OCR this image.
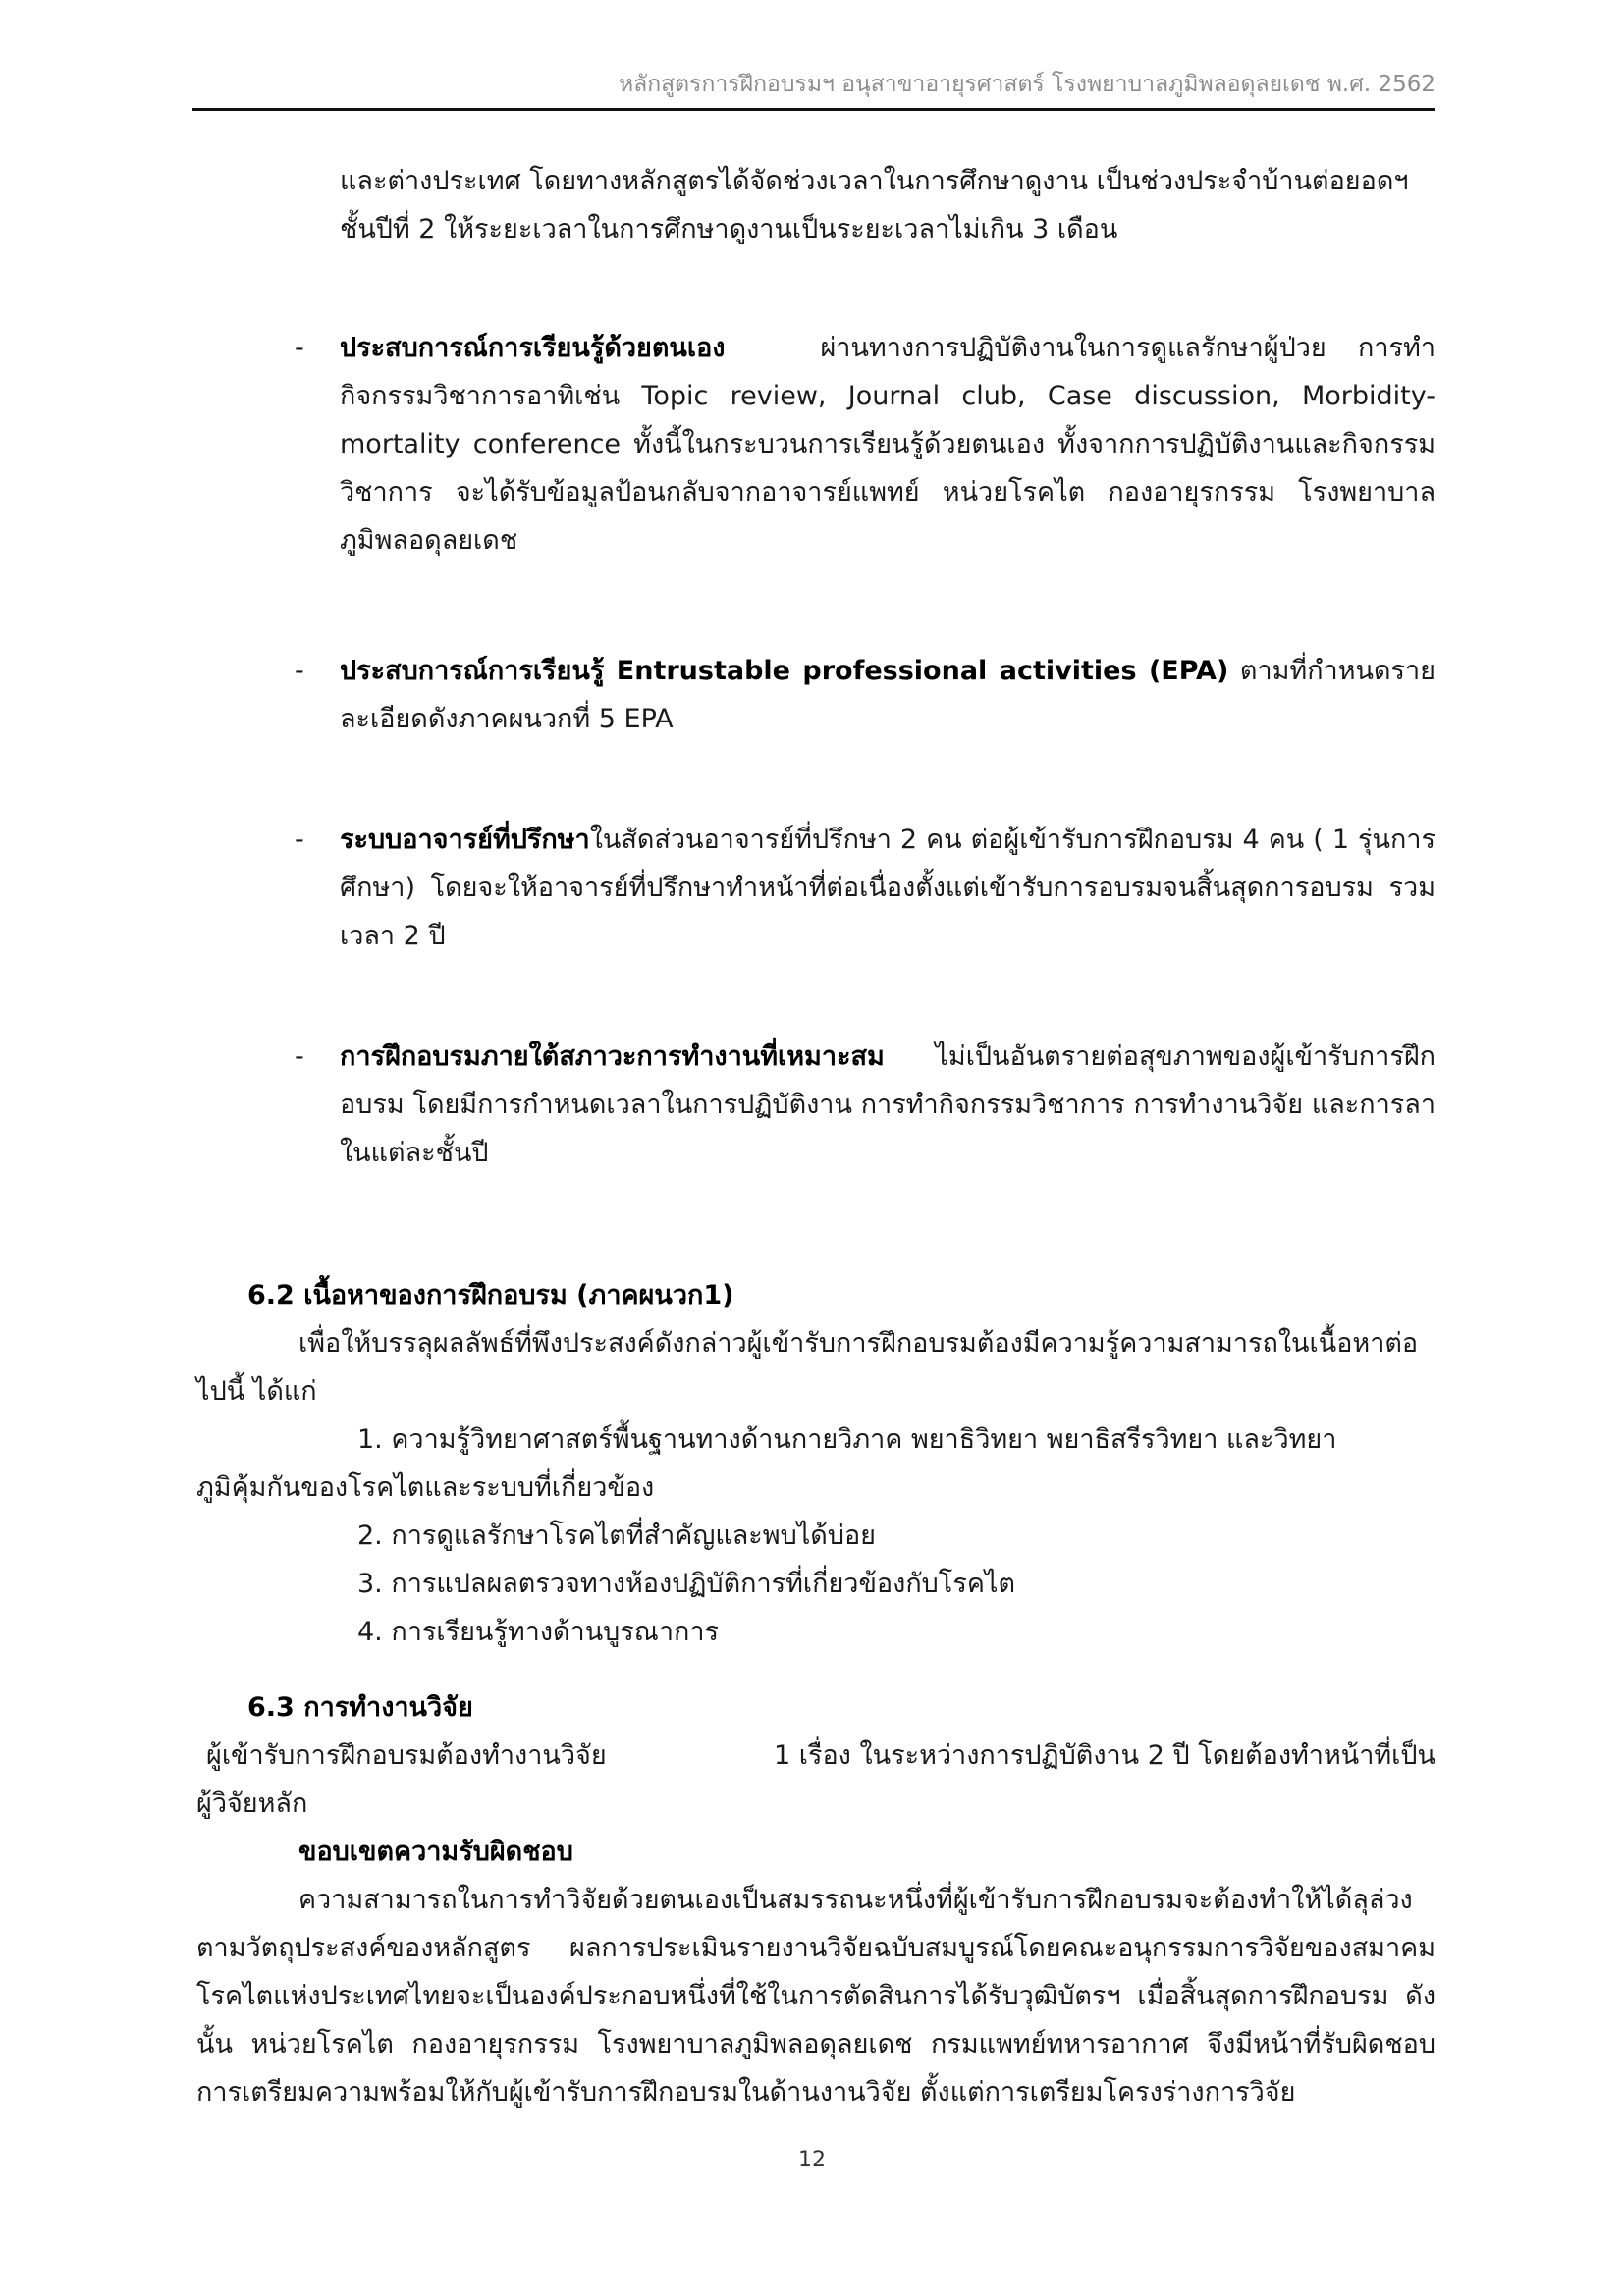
หลักสูตรการฝึกอบรมฯ อนุสาขาอายุรศาสตร์ โรงพยาบาลภูมิพลอดุลยเดช พ.ศ. 2562

และต่างประเทศ โดยทางหลักสูตรได้จัดช่วงเวลาในการศึกษาดูงาน เป็นช่วงประจำบ้านต่อยอดฯ

ชั้นปีที่ 2 ให้ระยะเวลาในการศึกษาดูงานเป็นระยะเวลาไม่เกิน 3 เดือน

- ประสบการณ์การเรียนรู้ด้วยตนเอง	ผ่านทางการปฏิบัติงานในการดูแลรักษาผู้ป่วย การทำกิจกรรมวิชาการอาทิเช่น Topic review, Journal club, Case discussion, Morbidity-mortality conference ทั้งนี้ในกระบวนการเรียนรู้ด้วยตนเอง ทั้งจากการปฏิบัติงานและกิจกรรมวิชาการ จะได้รับข้อมูลป้อนกลับจากอาจารย์แพทย์ หน่วยโรคไต กองอายุรกรรม โรงพยาบาลภูมิพลอดุลยเดช
- ประสบการณ์การเรียนรู้ Entrustable professional activities (EPA) ตามที่กำหนดรายละเอียดดังภาคผนวกที่ 5 EPA
- ระบบอาจารย์ที่ปรึกษาในสัดส่วนอาจารย์ที่ปรึกษา 2 คน ต่อผู้เข้ารับการฝึกอบรม 4 คน ( 1 รุ่นการศึกษา) โดยจะให้อาจารย์ที่ปรึกษาทำหน้าที่ต่อเนื่องตั้งแต่เข้ารับการอบรมจนสิ้นสุดการอบรม รวมเวลา 2 ปี
- การฝึกอบรมภายใต้สภาวะการทำงานที่เหมาะสม ไม่เป็นอันตรายต่อสุขภาพของผู้เข้ารับการฝึกอบรม โดยมีการกำหนดเวลาในการปฏิบัติงาน การทำกิจกรรมวิชาการ การทำงานวิจัย และการลา ในแต่ละชั้นปี
6.2 เนื้อหาของการฝึกอบรม (ภาคผนวก1)
เพื่อให้บรรลุผลลัพธ์ที่พึงประสงค์ดังกล่าวผู้เข้ารับการฝึกอบรมต้องมีความรู้ความสามารถในเนื้อหาต่อไปนี้ ได้แก่
1. ความรู้วิทยาศาสตร์พื้นฐานทางด้านกายวิภาค พยาธิวิทยา พยาธิสรีรวิทยา และวิทยาภูมิคุ้มกันของโรคไตและระบบที่เกี่ยวข้อง
2. การดูแลรักษาโรคไตที่สำคัญและพบได้บ่อย
3. การแปลผลตรวจทางห้องปฏิบัติการที่เกี่ยวข้องกับโรคไต
4. การเรียนรู้ทางด้านบูรณาการ
6.3 การทำงานวิจัย
ผู้เข้ารับการฝึกอบรมต้องทำงานวิจัย	1 เรื่อง ในระหว่างการปฏิบัติงาน 2 ปี โดยต้องทำหน้าที่เป็น
ผู้วิจัยหลัก
ขอบเขตความรับผิดชอบ
ความสามารถในการทำวิจัยด้วยตนเองเป็นสมรรถนะหนึ่งที่ผู้เข้ารับการฝึกอบรมจะต้องทำให้ได้ลุล่วงตามวัตถุประสงค์ของหลักสูตร ผลการประเมินรายงานวิจัยฉบับสมบูรณ์โดยคณะอนุกรรมการวิจัยของสมาคมโรคไตแห่งประเทศไทยจะเป็นองค์ประกอบหนึ่งที่ใช้ในการตัดสินการได้รับวุฒิบัตรฯ เมื่อสิ้นสุดการฝึกอบรม ดังนั้น หน่วยโรคไต กองอายุรกรรม โรงพยาบาลภูมิพลอดุลยเดช กรมแพทย์ทหารอากาศ จึงมีหน้าที่รับผิดชอบการเตรียมความพร้อมให้กับผู้เข้ารับการฝึกอบรมในด้านงานวิจัย ตั้งแต่การเตรียมโครงร่างการวิจัย
12
